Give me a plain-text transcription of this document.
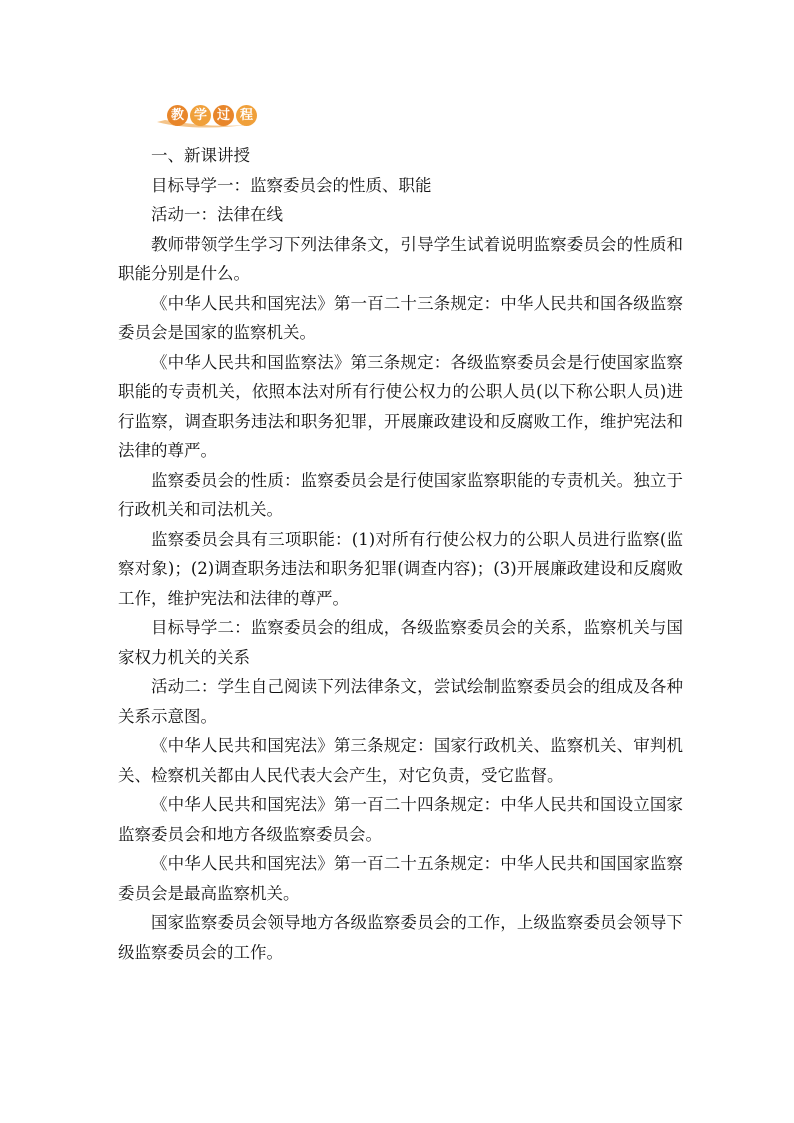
教 学 过 程

一、新课讲授

目标导学一：监察委员会的性质、职能

活动一：法律在线

教师带领学生学习下列法律条文，引导学生试着说明监察委员会的性质和职能分别是什么。

《中华人民共和国宪法》第一百二十三条规定：中华人民共和国各级监察委员会是国家的监察机关。

《中华人民共和国监察法》第三条规定：各级监察委员会是行使国家监察职能的专责机关，依照本法对所有行使公权力的公职人员(以下称公职人员)进行监察，调查职务违法和职务犯罪，开展廉政建设和反腐败工作，维护宪法和法律的尊严。

监察委员会的性质：监察委员会是行使国家监察职能的专责机关。独立于行政机关和司法机关。

监察委员会具有三项职能：(1)对所有行使公权力的公职人员进行监察(监察对象)；(2)调查职务违法和职务犯罪(调查内容)；(3)开展廉政建设和反腐败工作，维护宪法和法律的尊严。

目标导学二：监察委员会的组成，各级监察委员会的关系，监察机关与国家权力机关的关系

活动二：学生自己阅读下列法律条文，尝试绘制监察委员会的组成及各种关系示意图。

《中华人民共和国宪法》第三条规定：国家行政机关、监察机关、审判机关、检察机关都由人民代表大会产生，对它负责，受它监督。

《中华人民共和国宪法》第一百二十四条规定：中华人民共和国设立国家监察委员会和地方各级监察委员会。

《中华人民共和国宪法》第一百二十五条规定：中华人民共和国国家监察委员会是最高监察机关。

国家监察委员会领导地方各级监察委员会的工作，上级监察委员会领导下级监察委员会的工作。
